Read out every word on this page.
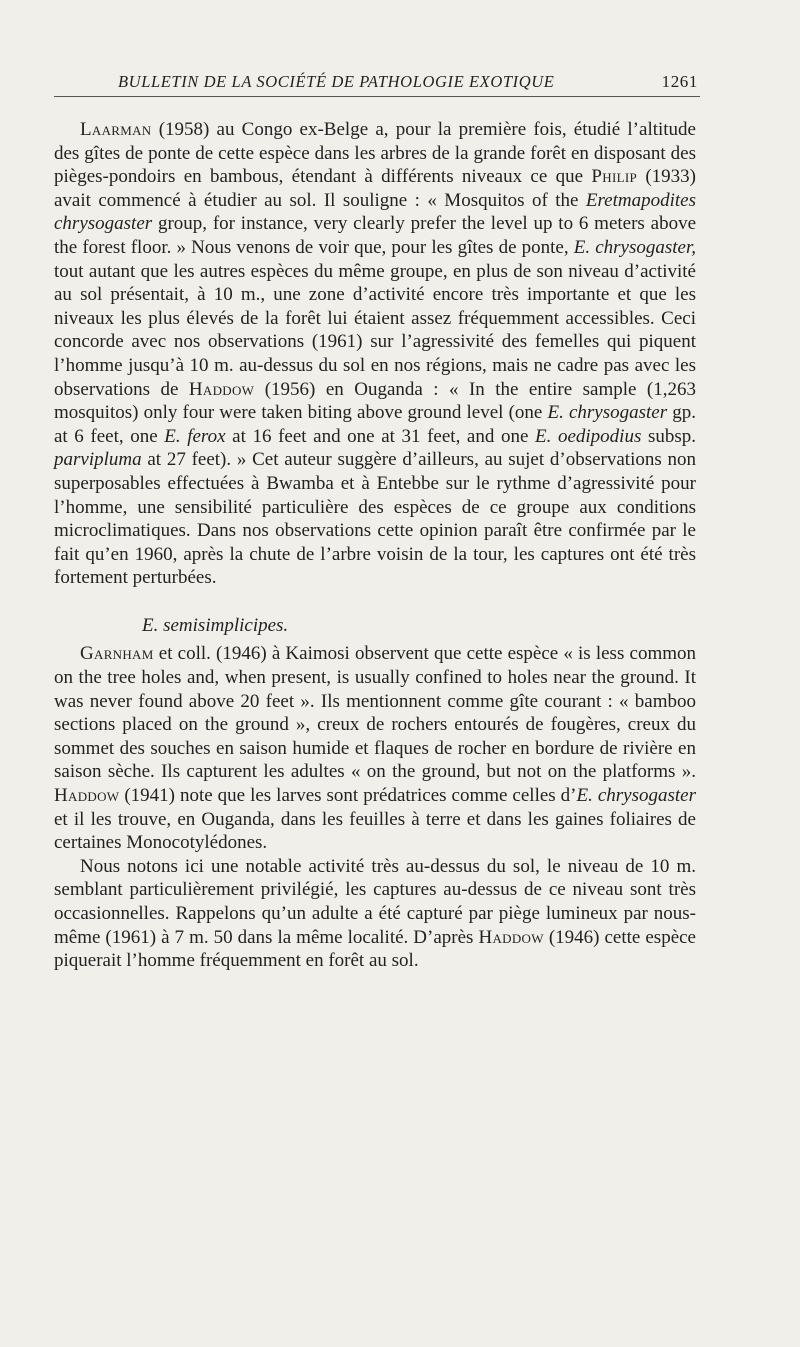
BULLETIN DE LA SOCIÉTÉ DE PATHOLOGIE EXOTIQUE	1261

Laarman (1958) au Congo ex-Belge a, pour la première fois, étudié l’altitude des gîtes de ponte de cette espèce dans les arbres de la grande forêt en disposant des pièges-pondoirs en bambous, étendant à différents niveaux ce que Philip (1933) avait commencé à étudier au sol. Il souligne : « Mosquitos of the Eretmapodites chrysogaster group, for instance, very clearly prefer the level up to 6 meters above the forest floor. » Nous venons de voir que, pour les gîtes de ponte, E. chrysogaster, tout autant que les autres espèces du même groupe, en plus de son niveau d’activité au sol présentait, à 10 m., une zone d’activité encore très importante et que les niveaux les plus élevés de la forêt lui étaient assez fréquemment accessibles. Ceci concorde avec nos observations (1961) sur l’agressivité des femelles qui piquent l’homme jusqu’à 10 m. au-dessus du sol en nos régions, mais ne cadre pas avec les observations de Haddow (1956) en Ouganda : « In the entire sample (1,263 mosquitos) only four were taken biting above ground level (one E. chrysogaster gp. at 6 feet, one E. ferox at 16 feet and one at 31 feet, and one E. oedipodius subsp. parvipluma at 27 feet). » Cet auteur suggère d’ailleurs, au sujet d’observations non superposables effectuées à Bwamba et à Entebbe sur le rythme d’agressivité pour l’homme, une sensibilité particulière des espèces de ce groupe aux conditions microclimatiques. Dans nos observations cette opinion paraît être confirmée par le fait qu’en 1960, après la chute de l’arbre voisin de la tour, les captures ont été très fortement perturbées.

E. semisimplicipes.

Garnham et coll. (1946) à Kaimosi observent que cette espèce « is less common on the tree holes and, when present, is usually confined to holes near the ground. It was never found above 20 feet ». Ils mentionnent comme gîte courant : « bamboo sections placed on the ground », creux de rochers entourés de fougères, creux du sommet des souches en saison humide et flaques de rocher en bordure de rivière en saison sèche. Ils capturent les adultes « on the ground, but not on the platforms ». Haddow (1941) note que les larves sont prédatrices comme celles d’E. chrysogaster et il les trouve, en Ouganda, dans les feuilles à terre et dans les gaines foliaires de certaines Monocotylédones.

Nous notons ici une notable activité très au-dessus du sol, le niveau de 10 m. semblant particulièrement privilégié, les captures au-dessus de ce niveau sont très occasionnelles. Rappelons qu’un adulte a été capturé par piège lumineux par nous-même (1961) à 7 m. 50 dans la même localité. D’après Haddow (1946) cette espèce piquerait l’homme fréquemment en forêt au sol.
